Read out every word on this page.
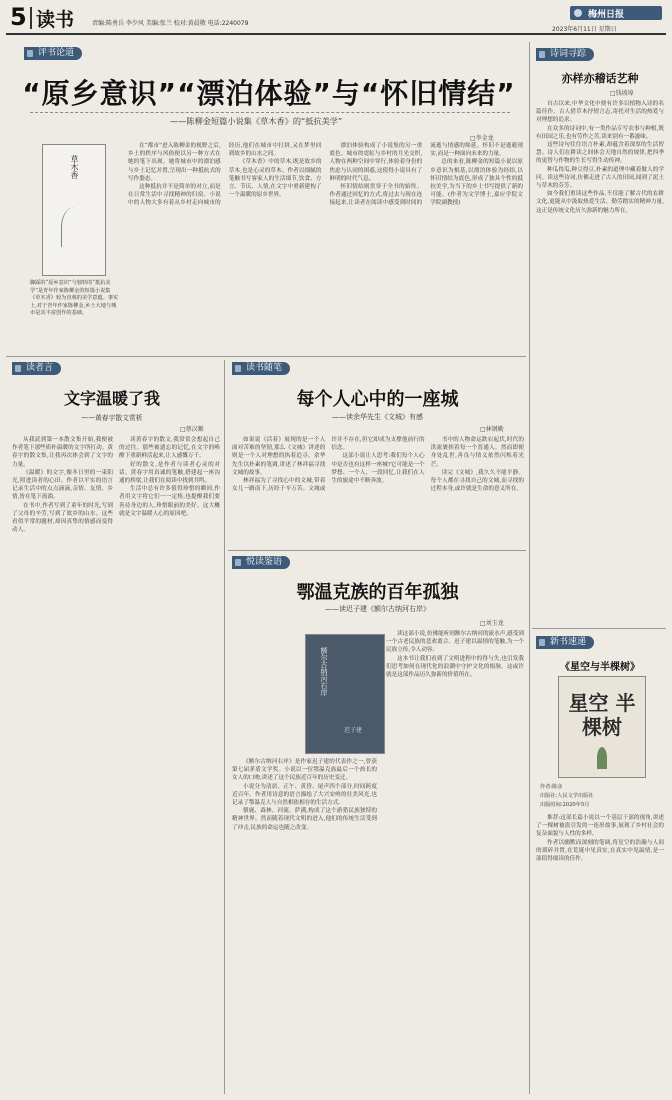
5 读书	责编:陈勇兵 李少风 美编:张兰 校对:黄晨敬 电话:2240079
梅州日报
2023年6月11日 星期日
评书论道
“原乡意识”“漂泊体验”与“怀旧情结”
——陈柳金短篇小说集《草木香》的“抵抗美学”
□李金龙
草木香
脚踩的“原乡意识”与独特的“抵抗美学”是青年作家陈柳金的短篇小说集《草木香》较为直观的美学意蕴。事实上,对于青年作家陈柳金,乡土大地与城市是其丰富创作的基础。

在“都市”进入陈柳金的视野之后,乡土的秩序与风俗便以另一种方式在她的笔下出现。她将城市中的漂泊感与乡土记忆并置,呈现出一种抵抗式的写作姿态。

这种抵抗并不是简单的对立,而是在日常生活中寻找精神的归宿。小说中的人物大多有着从乡村走向城市的经历,他们在城市中打拼,又在梦里回到故乡的山水之间。

《草木香》中的草木,既是故乡的草木,也是心灵的草木。作者以细腻的笔触书写客家人的生活细节,饮食、方言、节庆、人情,在文字中重新建构了一个温暖的原乡世界。

漂泊体验构成了小说集的另一重底色。城市的霓虹与乡村的月光交织,人物在两种空间中穿行,体验着身份的焦虑与认同的困惑,这使得小说具有了鲜明的时代气息。

怀旧情结则贯穿于全书的始终。作者通过回忆的方式,将过去与现在连接起来,让读者在阅读中感受到时间的流逝与情感的绵延。怀旧不是逃避现实,而是一种面向未来的力量。

总的来看,陈柳金的短篇小说以原乡意识为根基,以漂泊体验为经纬,以怀旧情结为底色,形成了独具个性的抵抗美学,为当下的乡土书写提供了新的可能。(作者为文学博士,嘉应学院文学院副教授)

诗词寻踪
亦样亦稽话艺种
□钱坡埠

自古以来,中华文化中便有许多以植物入诗的名篇佳作。古人借草木抒情言志,寄托对生活的热爱与对理想的追求。

在众多的诗词中,有一类作品专写农事与种植,既有田园之乐,也有劳作之苦,读来别有一番滋味。

这些诗句往往语言朴素,却蕴含着深厚的生活智慧。诗人们在耕读之间体会天地自然的规律,把四季的更替与作物的生长写得生动传神。

种瓜得瓜,种豆得豆,朴素的道理中藏着做人的学问。读这些诗词,仿佛走进了古人的田园,闻到了泥土与草木的芬芳。

如今我们重读这些作品,不仅能了解古代的农耕文化,更能从中汲取热爱生活、勤劳踏实的精神力量,这正是传统文化历久弥新的魅力所在。

读者言
文字温暖了我
——黄春宇散文赏析
□蔡汉顺

从我読到第一本散文集开始,我便被作者笔下那些质朴温暖的文字所打动。黄春宇的散文集,让我再次体会到了文字的力量。

《温暖》的文字,像冬日里的一束阳光,照进读者的心田。作者以平实的语言记录生活中的点点滴滴,亲情、友情、乡情,皆在笔下流淌。

在书中,作者写到了童年的时光,写到了父母的辛劳,写到了故乡的山水。这些看似平常的题材,却因真挚的情感而变得动人。

读黄春宇的散文,我常常会想起自己的过往。那些被遗忘的记忆,在文字的唤醒下重新鲜活起来,让人感慨万千。

好的散文,是作者与读者心灵的对话。黄春宇用真诚的笔触,搭建起一座沟通的桥梁,让我们在阅读中找到共鸣。

生活中总有许多值得珍惜的瞬间,作者用文字将它们一一定格,也提醒我们要善待身边的人,珍惜眼前的美好。这大概就是文字温暖人心的原因吧。

读书随笔
每个人心中的一座城
——读余华先生《文城》有感
□林钢勤

如果说《活着》展现的是一个人面对苦难的坚韧,那么《文城》讲述的则是一个人对理想的执着追寻。余华先生以朴素的笔调,讲述了林祥福寻找文城的故事。

林祥福为了寻找心中的文城,带着女儿一路南下,历经千辛万苦。文城或许并不存在,但它却成为支撑他前行的信念。

这部小说让人思考:我们每个人心中是否也有这样一座城?它可能是一个梦想、一个人、一段回忆,让我们在人生的旅途中不断奔波。

书中的人物命运跌宕起伏,时代的洪流裹挟着每一个普通人。然而即便身处乱世,善良与情义依然闪烁着光芒。

读完《文城》,我久久不能平静。每个人都在寻找自己的文城,而寻找的过程本身,或许就是生命的意义所在。

悦读鉴语
鄂温克族的百年孤独
——读迟子建《额尔古纳河右岸》
□刘玉龙
额尔古纳河右岸
迟子建

《额尔古纳河右岸》是作家迟子建的代表作之一,曾获第七届茅盾文学奖。小说以一位鄂温克族最后一个酋长的女人的口吻,讲述了这个民族近百年的历史变迁。

小说分为清晨、正午、黄昏、尾声四个部分,时间跨度近百年。作者用诗意的语言描绘了大兴安岭的壮美风光,也记录了鄂温克人与自然相依相存的生活方式。

驯鹿、森林、河流、萨满,构成了这个游猎民族独特的精神世界。然而随着现代文明的进入,他们的传统生活受到了冲击,民族的命运也随之改变。

读这部小说,仿佛能听到额尔古纳河的流水声,感受到一个古老民族的悲欢离合。迟子建以温情的笔触,为一个民族立传,令人动容。

这本书让我们看到了文明进程中的得与失,也引发我们思考如何在现代化的浪潮中守护文化的根脉。这或许就是这部作品历久弥新的价值所在。

新书速递
《星空与半棵树》
星空 半棵树
作者:陈彦
出版社:人民文学出版社
出版时间:2020年5月

推荐:这部长篇小说以一个基层干部的视角,讲述了一棵树被盗引发的一连串故事,展现了乡村社会的复杂面貌与人性的多样。

作者以幽默而深刻的笔调,将星空的浩瀚与人间的琐碎并置,在荒诞中见真实,在真实中见温情,是一部值得细读的佳作。
